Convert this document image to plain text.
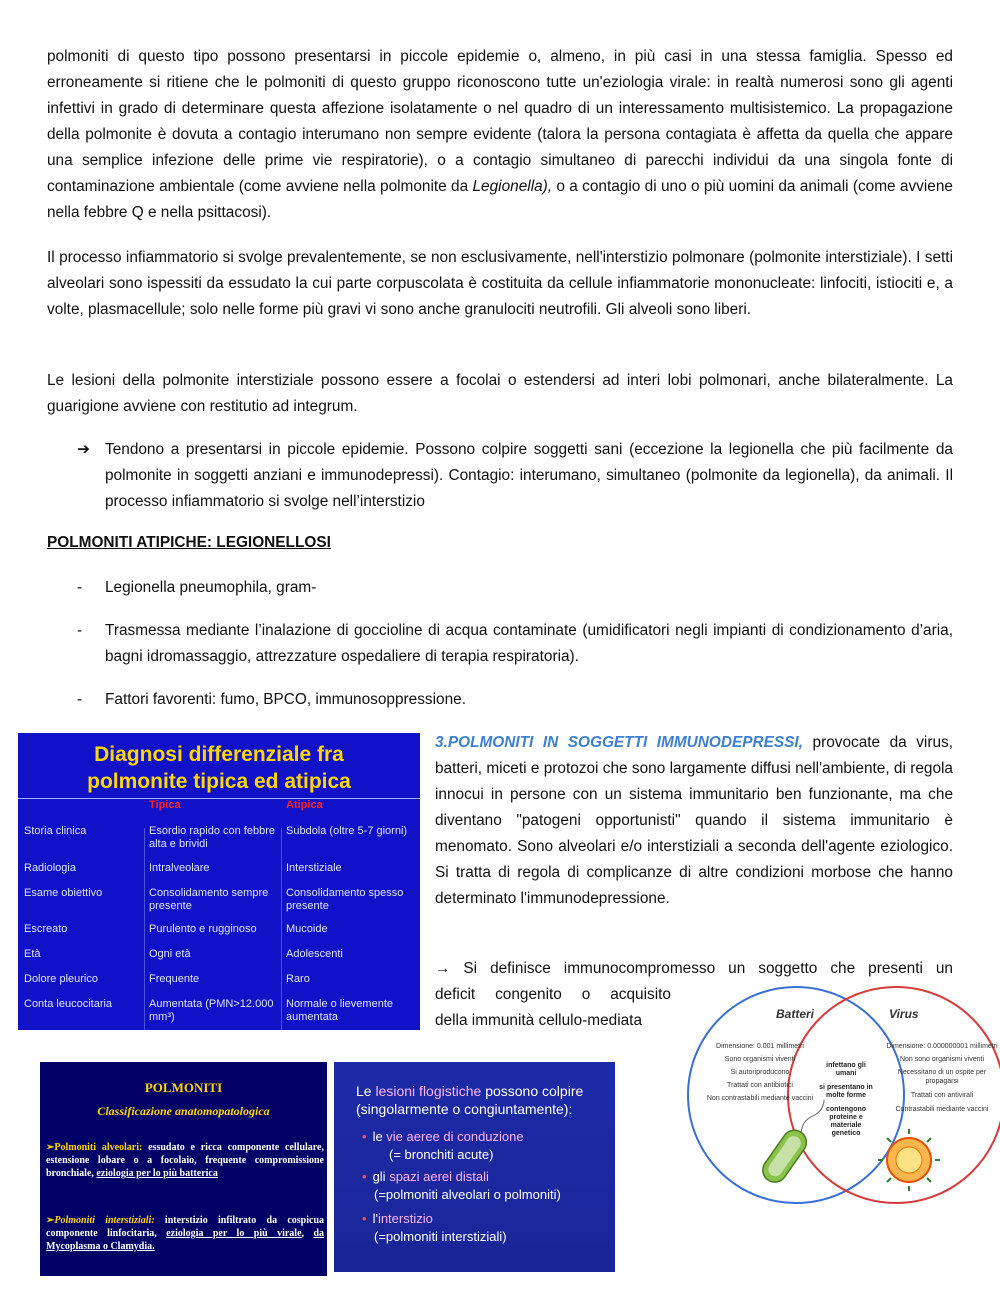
polmoniti di questo tipo possono presentarsi in piccole epidemie o, almeno, in più casi in una stessa famiglia. Spesso ed erroneamente si ritiene che le polmoniti di questo gruppo riconoscono tutte un'eziologia virale: in realtà numerosi sono gli agenti infettivi in grado di determinare questa affezione isolatamente o nel quadro di un interessamento multisistemico. La propagazione della polmonite è dovuta a contagio interumano non sempre evidente (talora la persona contagiata è affetta da quella che appare una semplice infezione delle prime vie respiratorie), o a contagio simultaneo di parecchi individui da una singola fonte di contaminazione ambientale (come avviene nella polmonite da Legionella), o a contagio di uno o più uomini da animali (come avviene nella febbre Q e nella psittacosi).

Il processo infiammatorio si svolge prevalentemente, se non esclusivamente, nell'interstizio polmonare (polmonite interstiziale). I setti alveolari sono ispessiti da essudato la cui parte corpuscolata è costituita da cellule infiammatorie mononucleate: linfociti, istiociti e, a volte, plasmacellule; solo nelle forme più gravi vi sono anche granulociti neutrofili. Gli alveoli sono liberi.

Le lesioni della polmonite interstiziale possono essere a focolai o estendersi ad interi lobi polmonari, anche bilateralmente. La guarigione avviene con restitutio ad integrum.

➔ Tendono a presentarsi in piccole epidemie. Possono colpire soggetti sani (eccezione la legionella che più facilmente da polmonite in soggetti anziani e immunodepressi). Contagio: interumano, simultaneo (polmonite da legionella), da animali. Il processo infiammatorio si svolge nell’interstizio
POLMONITI ATIPICHE: LEGIONELLOSI
- Legionella pneumophila, gram-
- Trasmessa mediante l’inalazione di goccioline di acqua contaminate (umidificatori negli impianti di condizionamento d’aria, bagni idromassaggio, attrezzature ospedaliere di terapia respiratoria).
- Fattori favorenti: fumo, BPCO, immunosoppressione.
Diagnosi differenziale fra
polmonite tipica ed atipica
	Tipica	Atipica
Storia clinica	Esordio rapido con febbre alta e brividi	Subdola (oltre 5-7 giorni)
Radiologia	Intralveolare	Interstiziale
Esame obiettivo	Consolidamento sempre presente	Consolidamento spesso presente
Escreato	Purulento e rugginoso	Mucoide
Età	Ogni età	Adolescenti
Dolore pleurico	Frequente	Raro
Conta leucocitaria	Aumentata (PMN>12.000 mm³)	Normale o lievemente aumentata

3.POLMONITI IN SOGGETTI IMMUNODEPRESSI, provocate da virus, batteri, miceti e protozoi che sono largamente diffusi nell'ambiente, di regola innocui in persone con un sistema immunitario ben funzionante, ma che diventano "patogeni opportunisti" quando il sistema immunitario è menomato. Sono alveolari e/o interstiziali a seconda dell'agente eziologico. Si tratta di regola di complicanze di altre condizioni morbose che hanno determinato l'immunodepressione.

→ Si definisce immunocompromesso un soggetto che presenti un
deficit congenito o acquisito
della immunità cellulo-mediata
POLMONITI
Classificazione anatomopatologica
➢Polmoniti alveolari: essudato e ricca componente cellulare, estensione lobare o a focolaio, frequente compromissione bronchiale, eziologia per lo più batterica
➢Polmoniti interstiziali: interstizio infiltrato da cospicua componente linfocitaria, eziologia per lo più virale, da Mycoplasma o Clamydia.
Le lesioni flogistiche possono colpire (singolarmente o congiuntamente):
• le vie aeree di conduzione
(= bronchiti acute)
• gli spazi aerei distali
(=polmoniti alveolari o polmoniti)
• l'interstizio
(=polmoniti interstiziali)
Batteri	Virus
Dimensione: 0.001 millimetri
Sono organismi viventi
Si autoriproducono
Trattati con antibiotici
Non contrastabili mediante vaccini
Dimensione: 0.000000001 millimetri
Non sono organismi viventi
Necessitano di un ospite per
propagarsi
Trattati con antivirali
Contrastabili mediante vaccini
infettano gli
umani
si presentano in
molte forme
contengono
proteine e
materiale
genetico
